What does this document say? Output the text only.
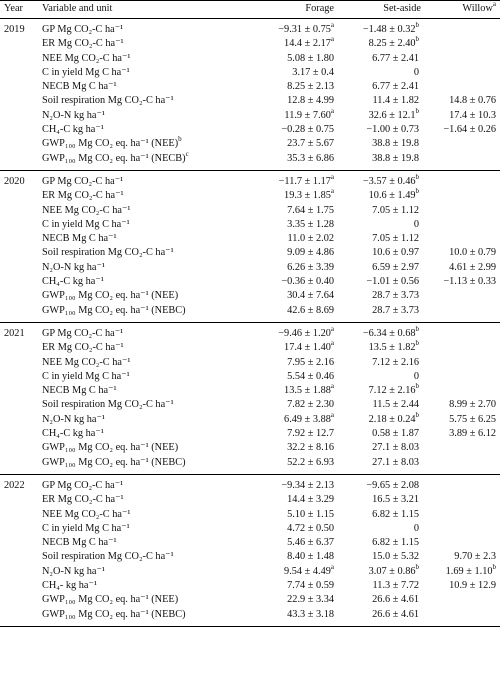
Year	Variable and unit	Forage	Set-aside	Willow$^a$
2019	GP Mg CO₂-C ha⁻¹	−9.31 ± 0.75$^a$	−1.48 ± 0.32$^b$	
	ER Mg CO₂-C ha⁻¹	14.4 ± 2.17$^a$	8.25 ± 2.40$^b$	
	NEE Mg CO₂-C ha⁻¹	5.08 ± 1.80	6.77 ± 2.41	
	C in yield Mg C ha⁻¹	3.17 ± 0.4	0	
	NECB Mg C ha⁻¹	8.25 ± 2.13	6.77 ± 2.41	
	Soil respiration Mg CO₂-C ha⁻¹	12.8 ± 4.99	11.4 ± 1.82	14.8 ± 0.76
	N₂O-N kg ha⁻¹	11.9 ± 7.60$^a$	32.6 ± 12.1$^b$	17.4 ± 10.3
	CH₄-C kg ha⁻¹	−0.28 ± 0.75	−1.00 ± 0.73	−1.64 ± 0.26
	GWP₁₀₀ Mg CO₂ eq. ha⁻¹ (NEE)$^b$	23.7 ± 5.67	38.8 ± 19.8	
	GWP₁₀₀ Mg CO₂ eq. ha⁻¹ (NECB)$^c$	35.3 ± 6.86	38.8 ± 19.8	
2020	GP Mg CO₂-C ha⁻¹	−11.7 ± 1.17$^a$	−3.57 ± 0.46$^b$	
	ER Mg CO₂-C ha⁻¹	19.3 ± 1.85$^a$	10.6 ± 1.49$^b$	
	NEE Mg CO₂-C ha⁻¹	7.64 ± 1.75	7.05 ± 1.12	
	C in yield Mg C ha⁻¹	3.35 ± 1.28	0	
	NECB Mg C ha⁻¹	11.0 ± 2.02	7.05 ± 1.12	
	Soil respiration Mg CO₂-C ha⁻¹	9.09 ± 4.86	10.6 ± 0.97	10.0 ± 0.79
	N₂O-N kg ha⁻¹	6.26 ± 3.39	6.59 ± 2.97	4.61 ± 2.99
	CH₄-C kg ha⁻¹	−0.36 ± 0.40	−1.01 ± 0.56	−1.13 ± 0.33
	GWP₁₀₀ Mg CO₂ eq. ha⁻¹ (NEE)	30.4 ± 7.64	28.7 ± 3.73	
	GWP₁₀₀ Mg CO₂ eq. ha⁻¹ (NEBC)	42.6 ± 8.69	28.7 ± 3.73	
2021	GP Mg CO₂-C ha⁻¹	−9.46 ± 1.20$^a$	−6.34 ± 0.68$^b$	
	ER Mg CO₂-C ha⁻¹	17.4 ± 1.40$^a$	13.5 ± 1.82$^b$	
	NEE Mg CO₂-C ha⁻¹	7.95 ± 2.16	7.12 ± 2.16	
	C in yield Mg C ha⁻¹	5.54 ± 0.46	0	
	NECB Mg C ha⁻¹	13.5 ± 1.88$^a$	7.12 ± 2.16$^b$	
	Soil respiration Mg CO₂-C ha⁻¹	7.82 ± 2.30	11.5 ± 2.44	8.99 ± 2.70
	N₂O-N kg ha⁻¹	6.49 ± 3.88$^a$	2.18 ± 0.24$^b$	5.75 ± 6.25
	CH₄-C kg ha⁻¹	7.92 ± 12.7	0.58 ± 1.87	3.89 ± 6.12
	GWP₁₀₀ Mg CO₂ eq. ha⁻¹ (NEE)	32.2 ± 8.16	27.1 ± 8.03	
	GWP₁₀₀ Mg CO₂ eq. ha⁻¹ (NEBC)	52.2 ± 6.93	27.1 ± 8.03	
2022	GP Mg CO₂-C ha⁻¹	−9.34 ± 2.13	−9.65 ± 2.08	
	ER Mg CO₂-C ha⁻¹	14.4 ± 3.29	16.5 ± 3.21	
	NEE Mg CO₂-C ha⁻¹	5.10 ± 1.15	6.82 ± 1.15	
	C in yield Mg C ha⁻¹	4.72 ± 0.50	0	
	NECB Mg C ha⁻¹	5.46 ± 6.37	6.82 ± 1.15	
	Soil respiration Mg CO₂-C ha⁻¹	8.40 ± 1.48	15.0 ± 5.32	9.70 ± 2.3
	N₂O-N kg ha⁻¹	9.54 ± 4.49$^a$	3.07 ± 0.86$^b$	1.69 ± 1.10$^b$
	CH₄- kg ha⁻¹	7.74 ± 0.59	11.3 ± 7.72	10.9 ± 12.9
	GWP₁₀₀ Mg CO₂ eq. ha⁻¹ (NEE)	22.9 ± 3.34	26.6 ± 4.61	
	GWP₁₀₀ Mg CO₂ eq. ha⁻¹ (NEBC)	43.3 ± 3.18	26.6 ± 4.61	
